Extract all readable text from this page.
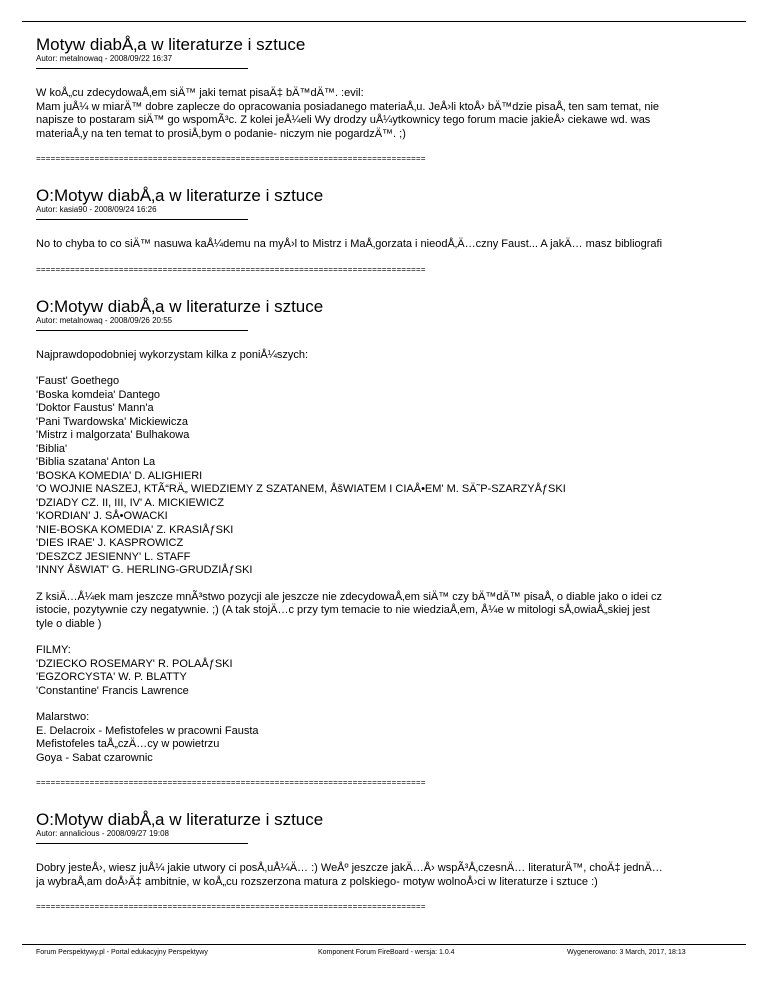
Motyw diabÅ‚a w literaturze i sztuce
Autor: metalnowaq - 2008/09/22 16:37

W koÅ„cu zdecydowaÅ‚em siÄ™ jaki temat pisaÄ‡ bÄ™dÄ™. :evil:
Mam juÅ¼ w miarÄ™ dobre zaplecze do opracowania posiadanego materiaÅ‚u. JeÅ›li ktoÅ› bÄ™dzie pisaÅ‚ ten sam temat, nie
napisze to postaram siÄ™ go wspomÃ³c. Z kolei jeÅ¼eli Wy drodzy uÅ¼ytkownicy tego forum macie jakieÅ› ciekawe wd. was
materiaÅ‚y na ten temat to prosiÅ‚bym o podanie- niczym nie pogardzÄ™. ;)

================================================================================
O:Motyw diabÅ‚a w literaturze i sztuce
Autor: kasia90 - 2008/09/24 16:26

No to chyba to co siÄ™ nasuwa kaÅ¼demu na myÅ›l to Mistrz i MaÅ‚gorzata i nieodÅ‚Ä…czny Faust... A jakÄ… masz bibliografi

================================================================================
O:Motyw diabÅ‚a w literaturze i sztuce
Autor: metalnowaq - 2008/09/26 20:55

Najprawdopodobniej wykorzystam kilka z poniÅ¼szych:

'Faust' Goethego
'Boska komdeia' Dantego
'Doktor Faustus' Mann'a
'Pani Twardowska' Mickiewicza
'Mistrz i malgorzata' Bulhakowa
'Biblia'
'Biblia szatana' Anton La
'BOSKA KOMEDIA' D. ALIGHIERI
'O WOJNIE NASZEJ, KTÃ“RÄ„ WIEDZIEMY Z SZATANEM, ÅšWIATEM I CIAÅ•EM' M. SÄ˜P-SZARZYÅƒSKI
'DZIADY CZ. II, III, IV' A. MICKIEWICZ
'KORDIAN' J. SÅ•OWACKI
'NIE-BOSKA KOMEDIA' Z. KRASIÅƒSKI
'DIES IRAE' J. KASPROWICZ
'DESZCZ JESIENNY' L. STAFF
'INNY ÅšWIAT' G. HERLING-GRUDZIÅƒSKI

Z ksiÄ…Å¼ek mam jeszcze mnÃ³stwo pozycji ale jeszcze nie zdecydowaÅ‚em siÄ™ czy bÄ™dÄ™ pisaÅ‚ o diable jako o idei cz
istocie, pozytywnie czy negatywnie. ;) (A tak stojÄ…c przy tym temacie to nie wiedziaÅ‚em, Å¼e w mitologi sÅ‚owiaÅ„skiej jest
tyle o diable )

FILMY:
'DZIECKO ROSEMARY' R. POLAÅƒSKI
'EGZORCYSTA' W. P. BLATTY
'Constantine' Francis Lawrence

Malarstwo:
E. Delacroix - Mefistofeles w pracowni Fausta
Mefistofeles taÅ„czÄ…cy w powietrzu
Goya - Sabat czarownic

================================================================================
O:Motyw diabÅ‚a w literaturze i sztuce
Autor: annalicious - 2008/09/27 19:08

Dobry jesteÅ›, wiesz juÅ¼ jakie utwory ci posÅ‚uÅ¼Ä… :) WeÅº jeszcze jakÄ…Å› wspÃ³Å‚czesnÄ… literaturÄ™, choÄ‡ jednÄ…
ja wybraÅ‚am doÅ›Ä‡ ambitnie, w koÅ„cu rozszerzona matura z polskiego- motyw wolnoÅ›ci w literaturze i sztuce :)

================================================================================
Forum Perspektywy.pl - Portal edukacyjny Perspektywy	Komponent Forum FireBoard - wersja: 1.0.4	Wygenerowano: 3 March, 2017, 18:13
